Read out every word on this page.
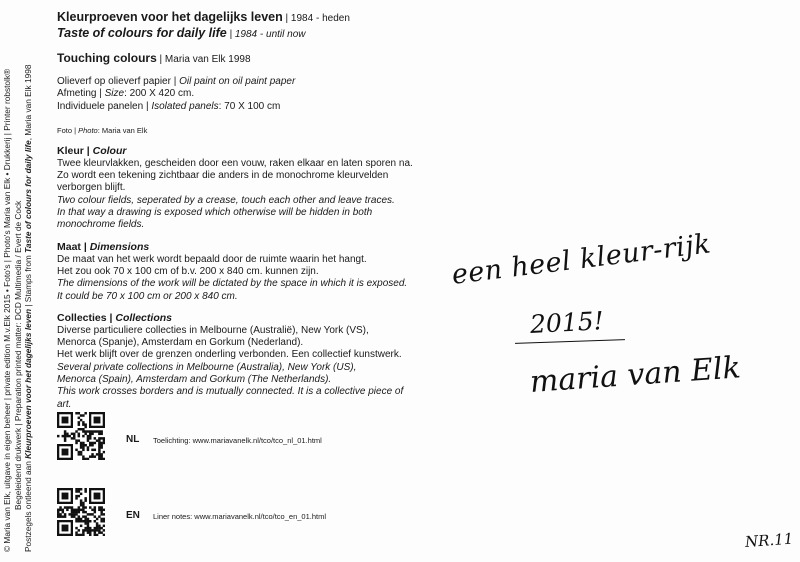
© Maria van Elk, uitgave in eigen beheer | private edition M.v.Elk 2015 • Foto's | Photo's Maria van Elk • Drukkerij | Printer robstolk® Begeleidend drukwerk | Preparation printed matter: DCD Multimedia / Evert de Cock Postzegels ontleend aan Kleurproeven voor het dagelijks leven | Stamps from Taste of colours for daily life, Maria van Elk 1998
Kleurproeven voor het dagelijks leven | 1984 - heden
Taste of colours for daily life | 1984 - until now
Touching colours | Maria van Elk 1998
Olieverf op olieverf papier | Oil paint on oil paint paper
Afmeting | Size: 200 X 420 cm.
Individuele panelen | Isolated panels: 70 X 100 cm
Foto | Photo: Maria van Elk
Kleur | Colour
Twee kleurvlakken, gescheiden door een vouw, raken elkaar en laten sporen na.
Zo wordt een tekening zichtbaar die anders in de monochrome kleurvelden
verborgen blijft.
Two colour fields, seperated by a crease, touch each other and leave traces.
In that way a drawing is exposed which otherwise will be hidden in both
monochrome fields.
Maat | Dimensions
De maat van het werk wordt bepaald door de ruimte waarin het hangt.
Het zou ook 70 x 100 cm of b.v. 200 x 840 cm. kunnen zijn.
The dimensions of the work will be dictated by the space in which it is exposed.
It could be 70 x 100 cm or 200 x 840 cm.
Collecties | Collections
Diverse particuliere collecties in Melbourne (Australië), New York (VS),
Menorca (Spanje), Amsterdam en Gorkum (Nederland).
Het werk blijft over de grenzen onderling verbonden. Een collectief kunstwerk.
Several private collections in Melbourne (Australia), New York (US),
Menorca (Spain), Amsterdam and Gorkum (The Netherlands).
This work crosses borders and is mutually connected. It is a collective piece of art.
NL Toelichting: www.mariavanelk.nl/tco/tco_nl_01.html
EN Liner notes: www.mariavanelk.nl/tco/tco_en_01.html
een heel kleur-rijk
2015!
maria van Elk
NR.11
